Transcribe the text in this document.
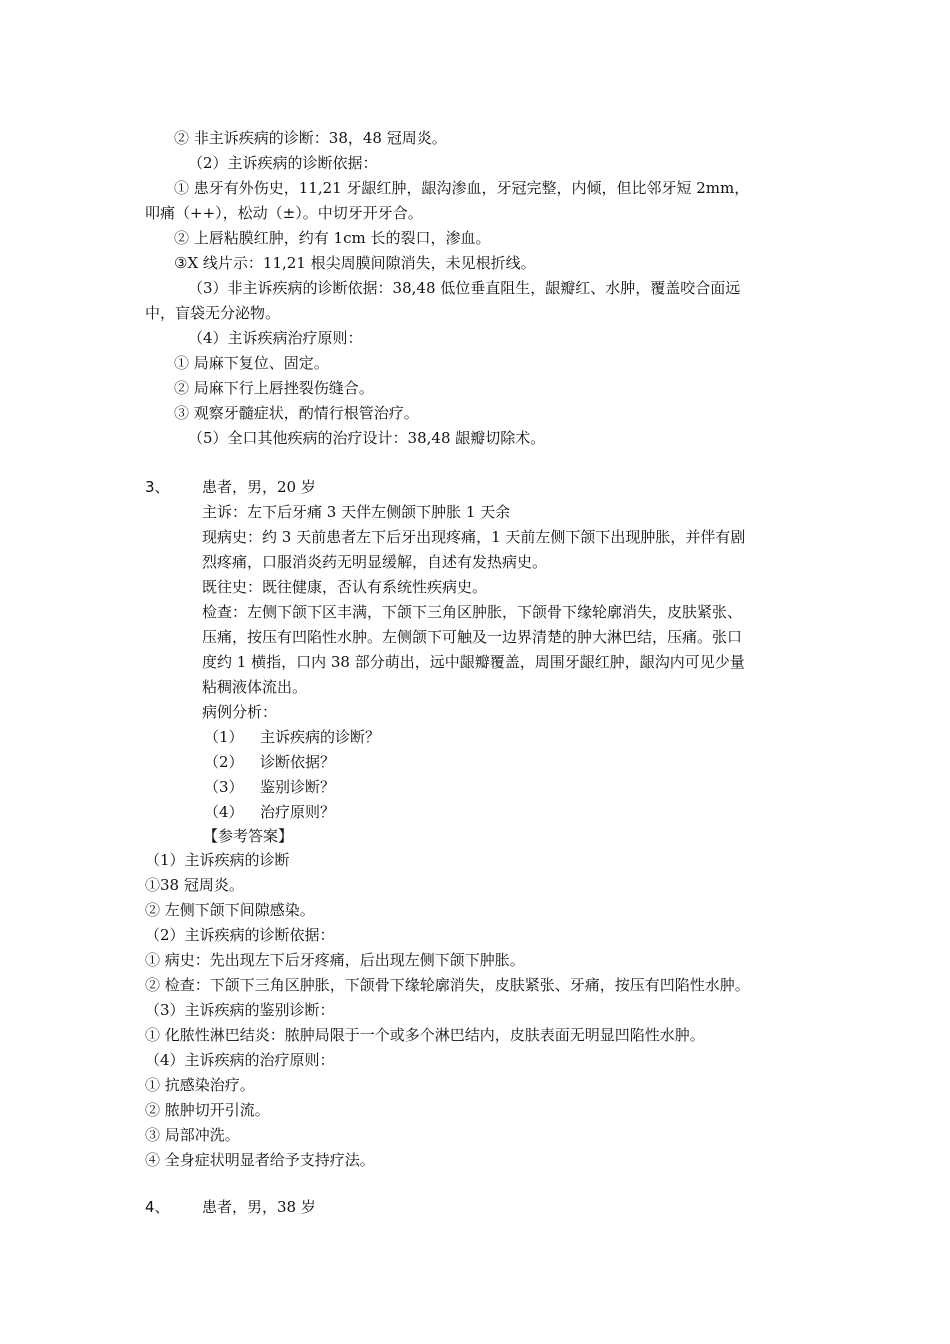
② 非主诉疾病的诊断：38，48 冠周炎。
（2）主诉疾病的诊断依据：
① 患牙有外伤史，11,21 牙龈红肿，龈沟渗血，牙冠完整，内倾，但比邻牙短 2mm，
叩痛（++），松动（±）。中切牙开牙合。
② 上唇粘膜红肿，约有 1cm 长的裂口，渗血。
③X 线片示：11,21 根尖周膜间隙消失，未见根折线。
（3）非主诉疾病的诊断依据：38,48 低位垂直阻生，龈瓣红、水肿，覆盖咬合面远
中，盲袋无分泌物。
（4）主诉疾病治疗原则：
① 局麻下复位、固定。
② 局麻下行上唇挫裂伤缝合。
③ 观察牙髓症状，酌情行根管治疗。
（5）全口其他疾病的治疗设计：38,48 龈瓣切除术。
3、 患者，男，20 岁
主诉：左下后牙痛 3 天伴左侧颌下肿胀 1 天余
现病史：约 3 天前患者左下后牙出现疼痛，1 天前左侧下颌下出现肿胀，并伴有剧
烈疼痛，口服消炎药无明显缓解，自述有发热病史。
既往史：既往健康，否认有系统性疾病史。
检查：左侧下颌下区丰满，下颌下三角区肿胀，下颌骨下缘轮廓消失，皮肤紧张、
压痛，按压有凹陷性水肿。左侧颌下可触及一边界清楚的肿大淋巴结，压痛。张口
度约 1 横指，口内 38 部分萌出，远中龈瓣覆盖，周围牙龈红肿，龈沟内可见少量
粘稠液体流出。
病例分析：
（1） 主诉疾病的诊断？
（2） 诊断依据？
（3） 鉴别诊断？
（4） 治疗原则？
【参考答案】
（1）主诉疾病的诊断
①38 冠周炎。
② 左侧下颌下间隙感染。
（2）主诉疾病的诊断依据：
① 病史：先出现左下后牙疼痛，后出现左侧下颌下肿胀。
② 检查：下颌下三角区肿胀，下颌骨下缘轮廓消失，皮肤紧张、牙痛，按压有凹陷性水肿。
（3）主诉疾病的鉴别诊断：
① 化脓性淋巴结炎：脓肿局限于一个或多个淋巴结内，皮肤表面无明显凹陷性水肿。
（4）主诉疾病的治疗原则：
① 抗感染治疗。
② 脓肿切开引流。
③ 局部冲洗。
④ 全身症状明显者给予支持疗法。
4、 患者，男，38 岁
